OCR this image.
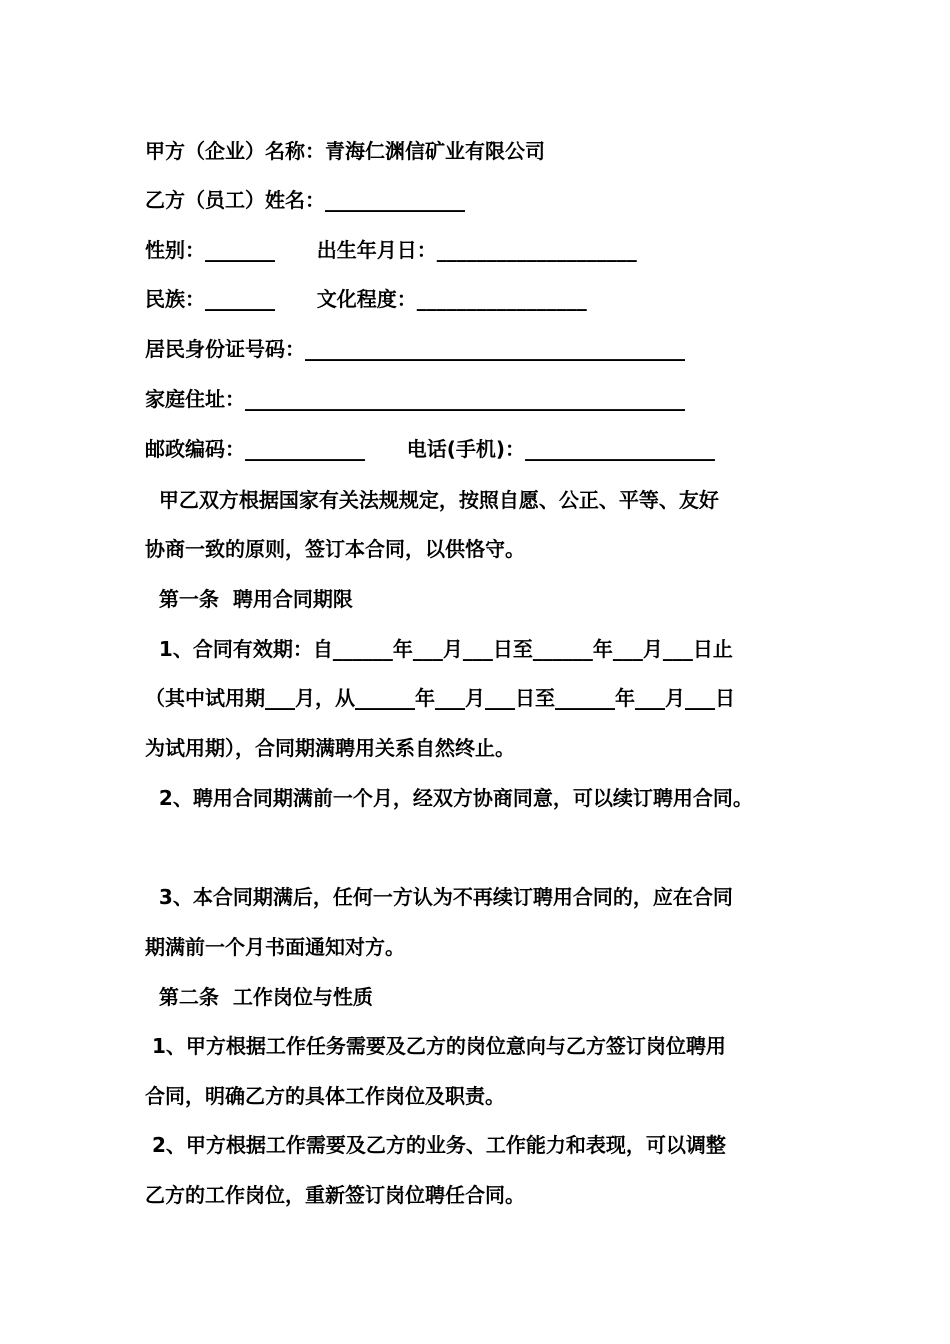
甲方（企业）名称：青海仁渊信矿业有限公司
乙方（员工）姓名：______________
性别：_______      出生年月日：____________________
民族：_______      文化程度：_________________
居民身份证号码：______________________________________
家庭住址：____________________________________________
邮政编码：____________      电话(手机)：___________________
甲乙双方根据国家有关法规规定，按照自愿、公正、平等、友好
协商一致的原则，签订本合同，以供恪守。
第一条  聘用合同期限
1、合同有效期：自______年___月___日至______年___月___日止
（其中试用期___月，从______年___月___日至______年___月___日
为试用期），合同期满聘用关系自然终止。
2、聘用合同期满前一个月，经双方协商同意，可以续订聘用合同。
3、本合同期满后，任何一方认为不再续订聘用合同的，应在合同
期满前一个月书面通知对方。
第二条  工作岗位与性质
1、甲方根据工作任务需要及乙方的岗位意向与乙方签订岗位聘用
合同，明确乙方的具体工作岗位及职责。
2、甲方根据工作需要及乙方的业务、工作能力和表现，可以调整
乙方的工作岗位，重新签订岗位聘任合同。
